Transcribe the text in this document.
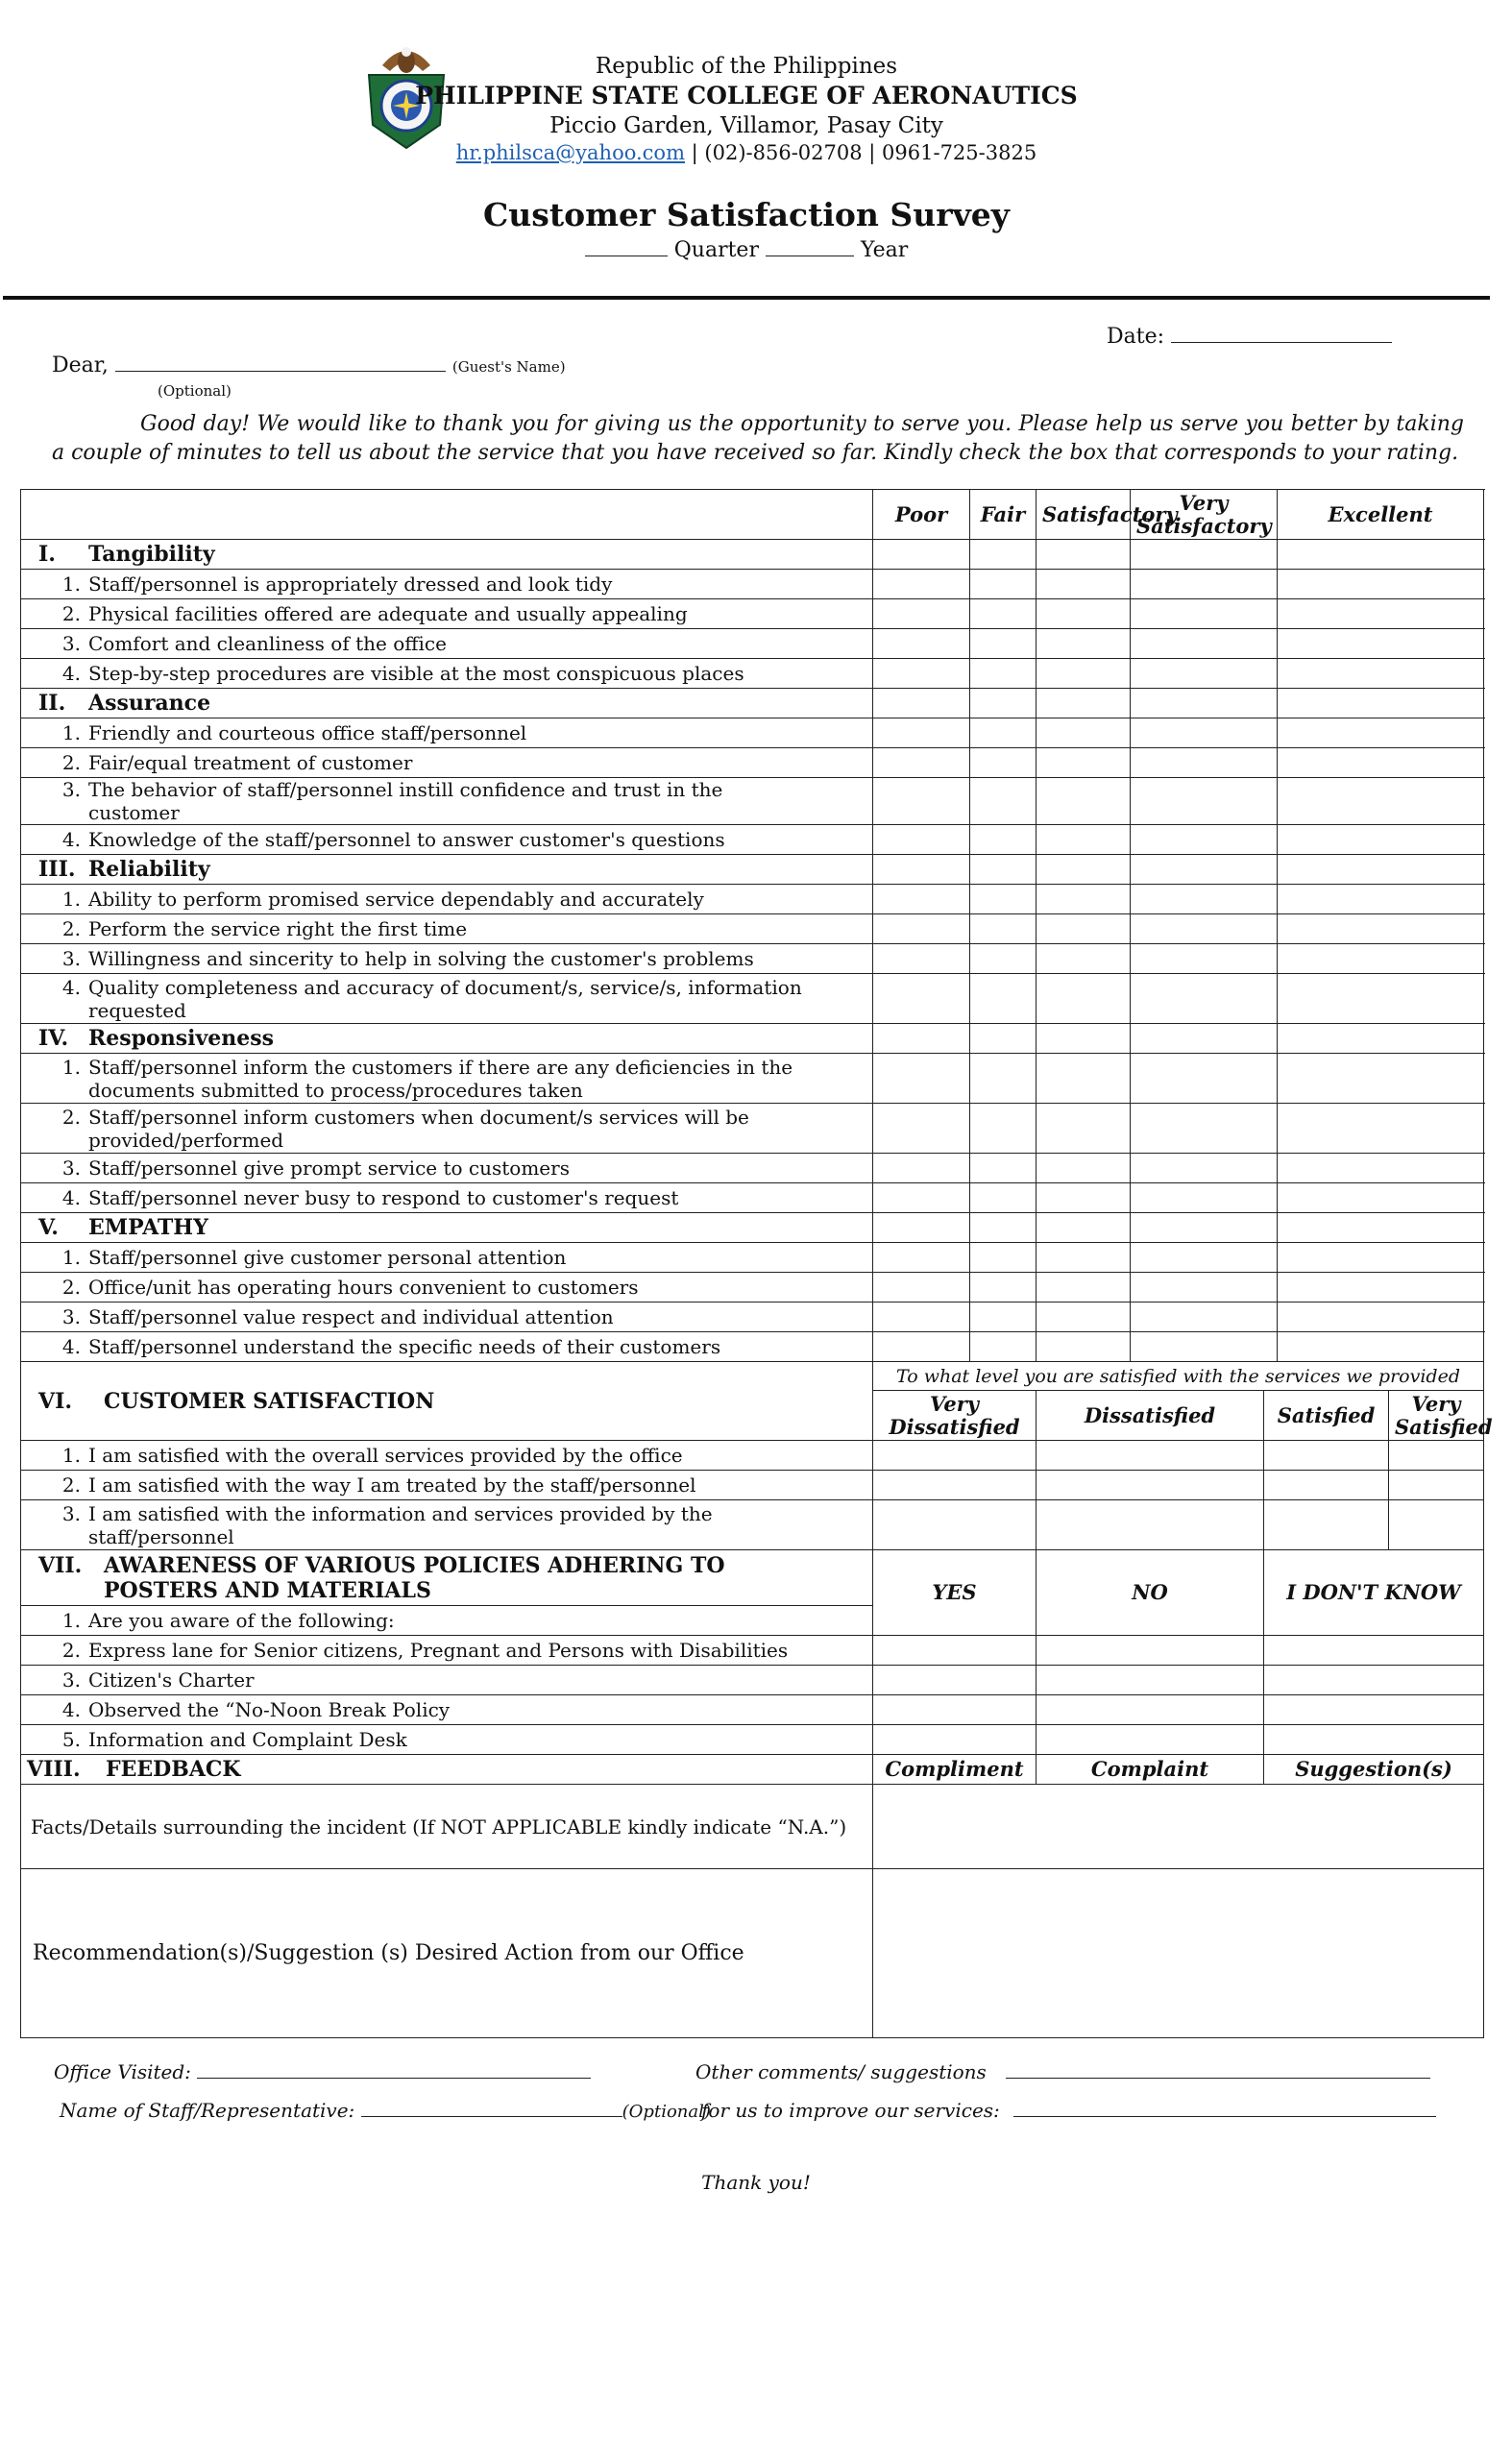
Republic of the Philippines
PHILIPPINE STATE COLLEGE OF AERONAUTICS
Piccio Garden, Villamor, Pasay City
hr.philsca@yahoo.com | (02)-856-02708 | 0961-725-3825
Customer Satisfaction Survey
Quarter	Year
Date:
Dear,	(Guest's Name)
(Optional)
Good day! We would like to thank you for giving us the opportunity to serve you. Please help us serve you better by taking a couple of minutes to tell us about the service that you have received so far. Kindly check the box that corresponds to your rating.
	Poor	Fair	Satisfactory	Very Satisfactory		Excellent	
I. Tangibility							
1. Staff/personnel is appropriately dressed and look tidy							
2. Physical facilities offered are adequate and usually appealing							
3. Comfort and cleanliness of the office							
4. Step-by-step procedures are visible at the most conspicuous places							
II. Assurance							
1. Friendly and courteous office staff/personnel							
2. Fair/equal treatment of customer							
3. The behavior of staff/personnel instill confidence and trust in the customer							
4. Knowledge of the staff/personnel to answer customer's questions							
III. Reliability							
1. Ability to perform promised service dependably and accurately							
2. Perform the service right the first time							
3. Willingness and sincerity to help in solving the customer's problems							
4. Quality completeness and accuracy of document/s, service/s, information requested							
IV. Responsiveness							
1. Staff/personnel inform the customers if there are any deficiencies in the documents submitted to process/procedures taken							
2. Staff/personnel inform customers when document/s services will be provided/performed							
3. Staff/personnel give prompt service to customers							
4. Staff/personnel never busy to respond to customer's request							
V. EMPATHY							
1. Staff/personnel give customer personal attention							
2. Office/unit has operating hours convenient to customers							
3. Staff/personnel value respect and individual attention							
4. Staff/personnel understand the specific needs of their customers							
VI. CUSTOMER SATISFACTION	To what level you are satisfied with the services we provided						
	Very Dissatisfied		Dissatisfied		Satisfied		Very Satisfied
1. I am satisfied with the overall services provided by the office							
2. I am satisfied with the way I am treated by the staff/personnel							
3. I am satisfied with the information and services provided by the staff/personnel							
VII. AWARENESS OF VARIOUS POLICIES ADHERING TO POSTERS AND MATERIALS	YES		NO		I DON'T KNOW		
1. Are you aware of the following:							
2. Express lane for Senior citizens, Pregnant and Persons with Disabilities							
3. Citizen's Charter							
4. Observed the “No-Noon Break Policy							
5. Information and Complaint Desk							
VIII. FEEDBACK	Compliment		Complaint		Suggestion(s)		
Facts/Details surrounding the incident (If NOT APPLICABLE kindly indicate “N.A.”)							
Recommendation(s)/Suggestion (s) Desired Action from our Office							
Office Visited:	Other comments/ suggestions
Name of Staff/Representative:	(Optional)
for us to improve our services:
Thank you!
